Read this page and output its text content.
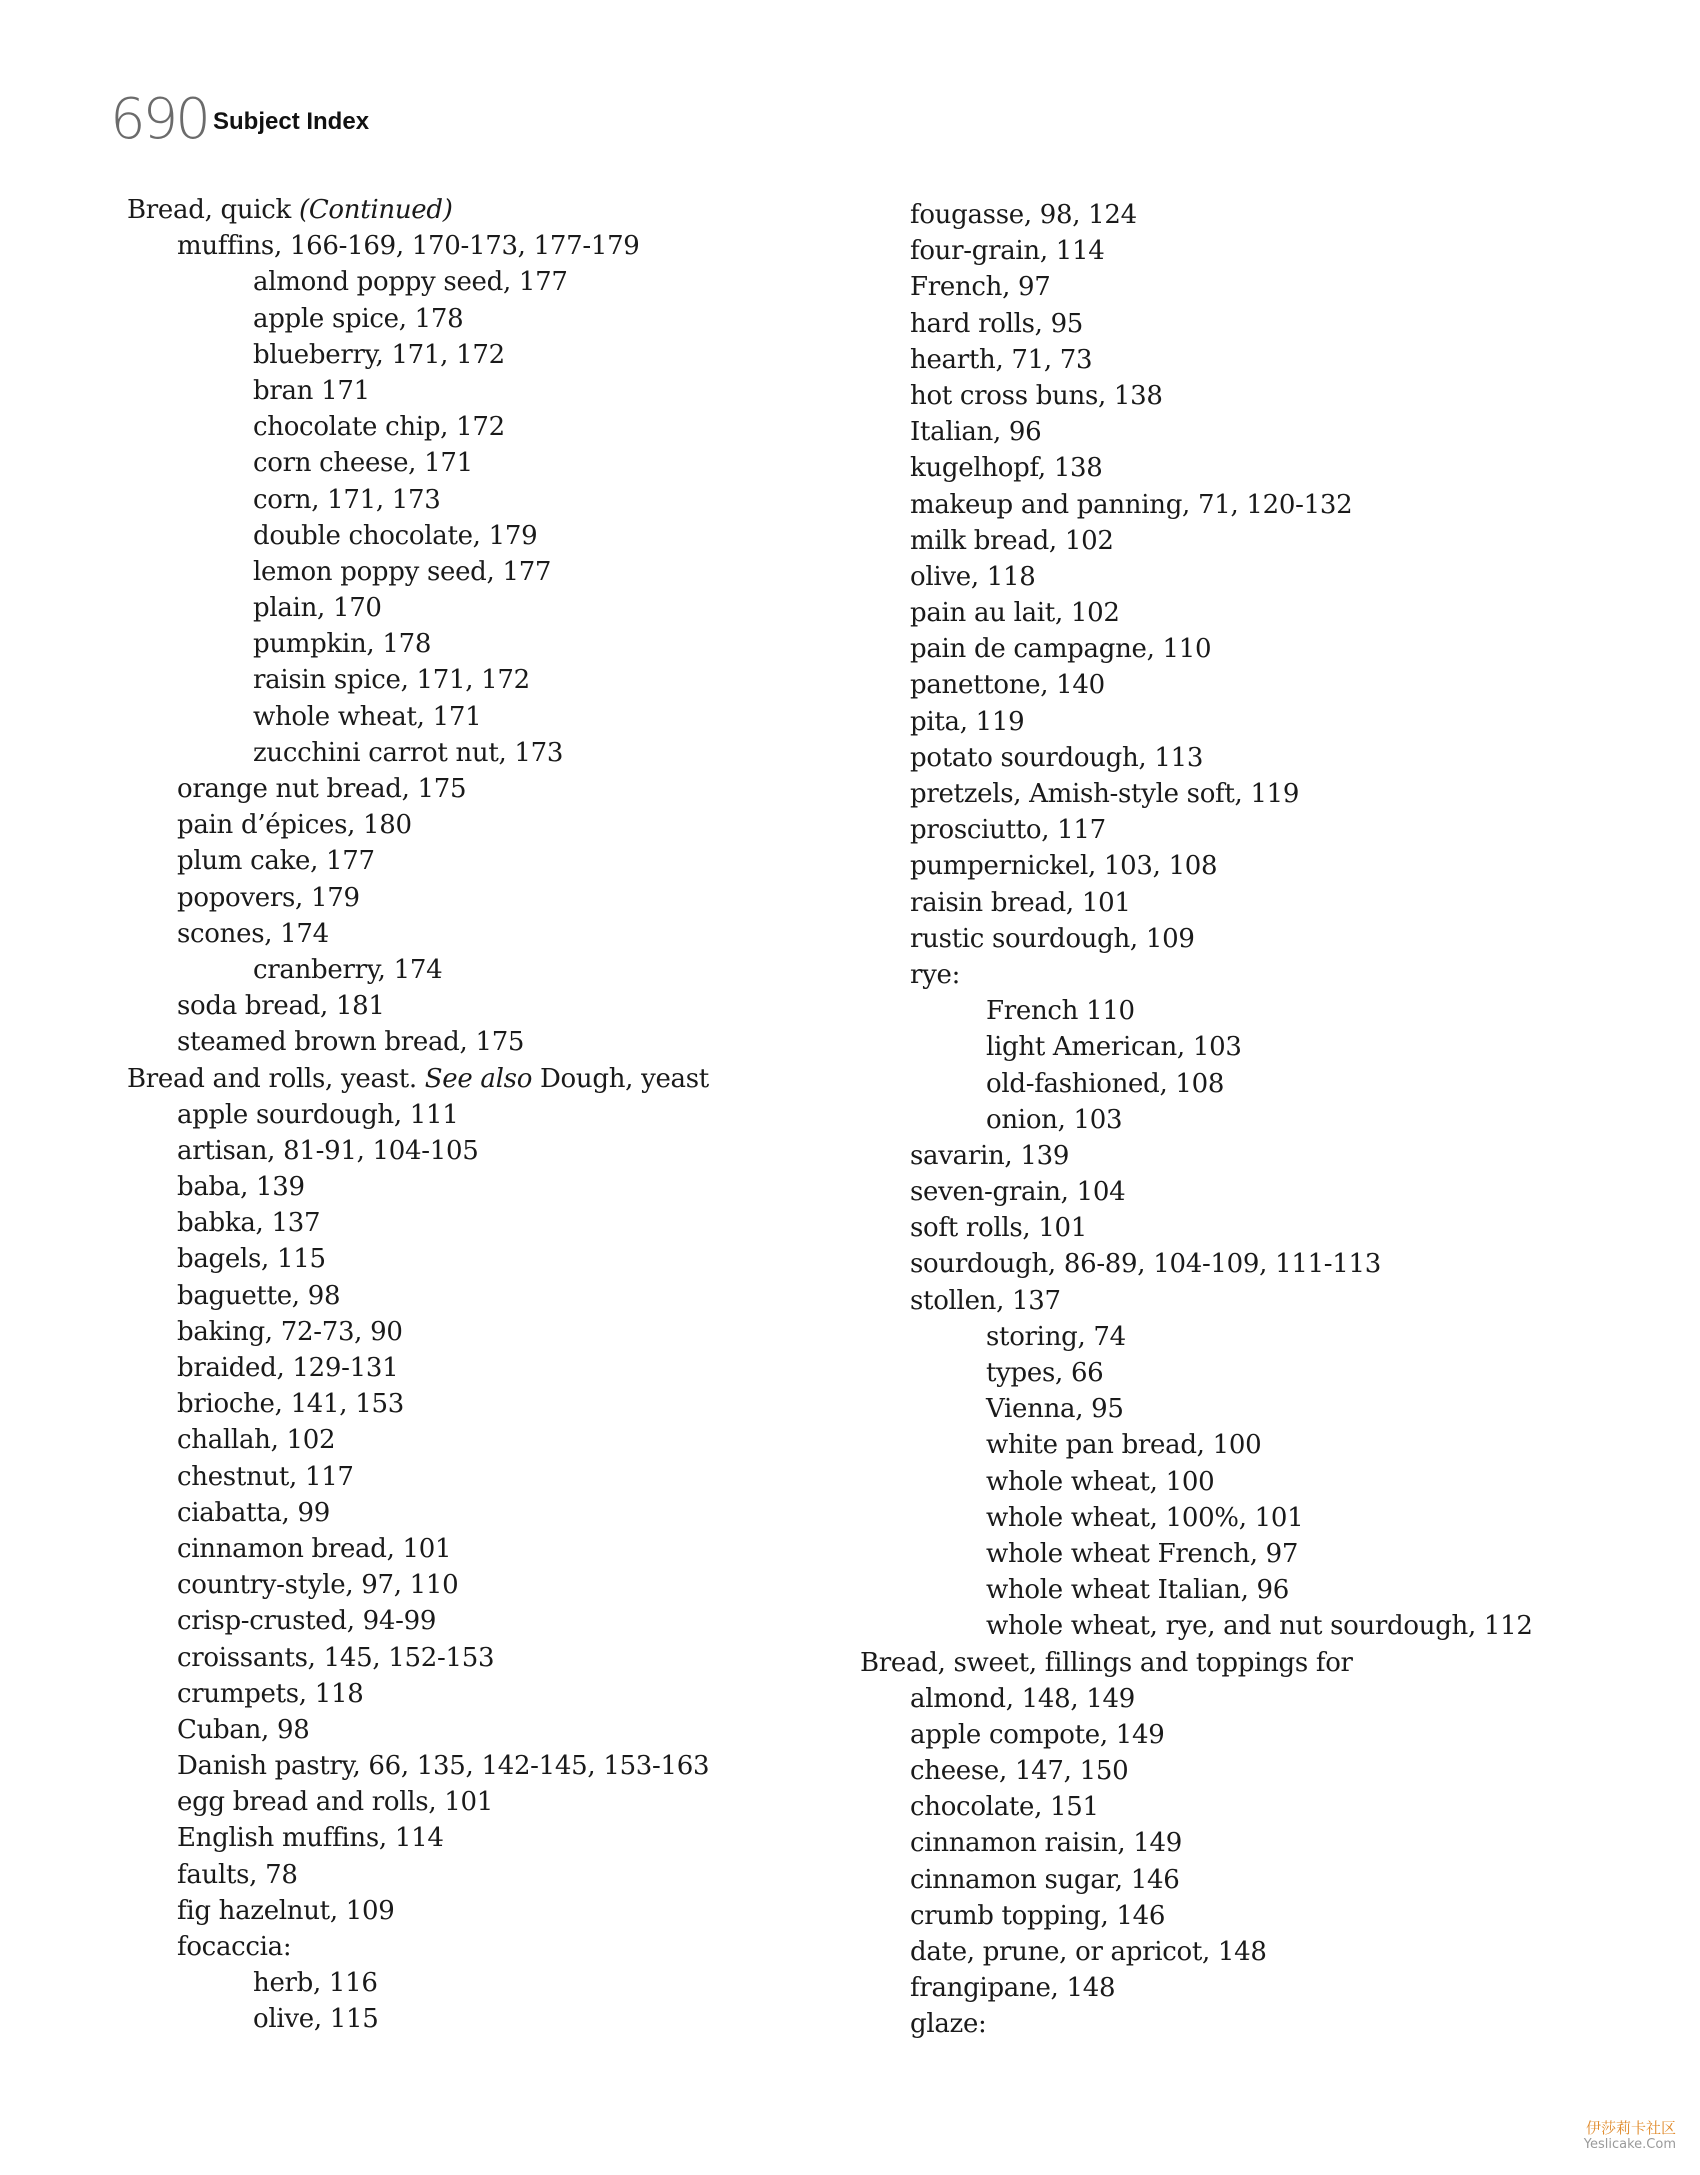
690 Subject Index
Bread, quick (Continued)
muffins, 166-169, 170-173, 177-179
almond poppy seed, 177
apple spice, 178
blueberry, 171, 172
bran 171
chocolate chip, 172
corn cheese, 171
corn, 171, 173
double chocolate, 179
lemon poppy seed, 177
plain, 170
pumpkin, 178
raisin spice, 171, 172
whole wheat, 171
zucchini carrot nut, 173
orange nut bread, 175
pain d’épices, 180
plum cake, 177
popovers, 179
scones, 174
cranberry, 174
soda bread, 181
steamed brown bread, 175
Bread and rolls, yeast. See also Dough, yeast
apple sourdough, 111
artisan, 81-91, 104-105
baba, 139
babka, 137
bagels, 115
baguette, 98
baking, 72-73, 90
braided, 129-131
brioche, 141, 153
challah, 102
chestnut, 117
ciabatta, 99
cinnamon bread, 101
country-style, 97, 110
crisp-crusted, 94-99
croissants, 145, 152-153
crumpets, 118
Cuban, 98
Danish pastry, 66, 135, 142-145, 153-163
egg bread and rolls, 101
English muffins, 114
faults, 78
fig hazelnut, 109
focaccia:
herb, 116
olive, 115
fougasse, 98, 124
four-grain, 114
French, 97
hard rolls, 95
hearth, 71, 73
hot cross buns, 138
Italian, 96
kugelhopf, 138
makeup and panning, 71, 120-132
milk bread, 102
olive, 118
pain au lait, 102
pain de campagne, 110
panettone, 140
pita, 119
potato sourdough, 113
pretzels, Amish-style soft, 119
prosciutto, 117
pumpernickel, 103, 108
raisin bread, 101
rustic sourdough, 109
rye:
French 110
light American, 103
old-fashioned, 108
onion, 103
savarin, 139
seven-grain, 104
soft rolls, 101
sourdough, 86-89, 104-109, 111-113
stollen, 137
storing, 74
types, 66
Vienna, 95
white pan bread, 100
whole wheat, 100
whole wheat, 100%, 101
whole wheat French, 97
whole wheat Italian, 96
whole wheat, rye, and nut sourdough, 112
Bread, sweet, fillings and toppings for
almond, 148, 149
apple compote, 149
cheese, 147, 150
chocolate, 151
cinnamon raisin, 149
cinnamon sugar, 146
crumb topping, 146
date, prune, or apricot, 148
frangipane, 148
glaze:
伊莎莉卡社区
Yeslicake.Com
